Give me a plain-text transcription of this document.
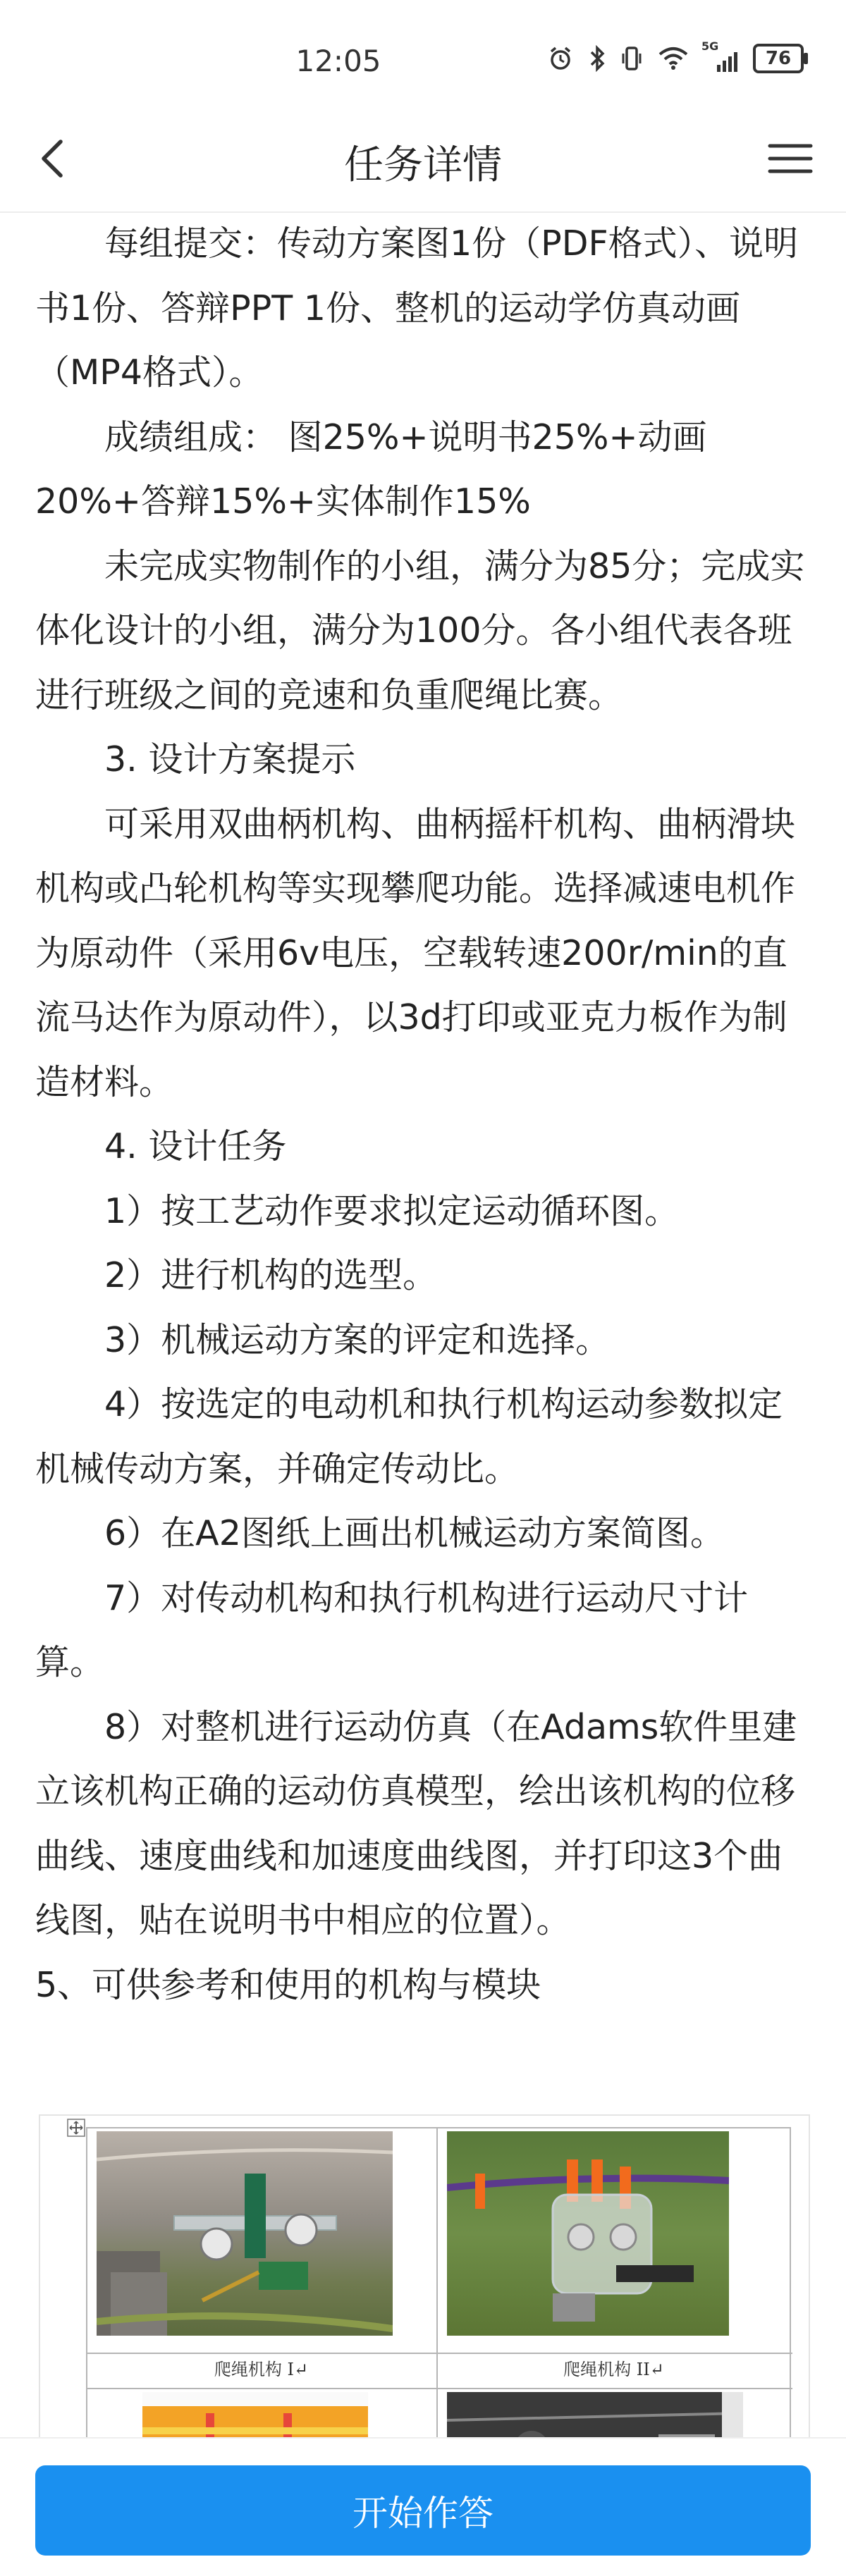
12:05	5G
76
任务详情

每组提交：传动方案图1份（PDF格式）、说明书1份、答辩PPT 1份、整机的运动学仿真动画（MP4格式）。

成绩组成： 图25%+说明书25%+动画20%+答辩15%+实体制作15%

未完成实物制作的小组，满分为85分；完成实体化设计的小组，满分为100分。各小组代表各班进行班级之间的竞速和负重爬绳比赛。

3. 设计方案提示

可采用双曲柄机构、曲柄摇杆机构、曲柄滑块机构或凸轮机构等实现攀爬功能。选择减速电机作为原动件（采用6v电压，空载转速200r/min的直流马达作为原动件），以3d打印或亚克力板作为制造材料。

4. 设计任务

1）按工艺动作要求拟定运动循环图。

2）进行机构的选型。

3）机械运动方案的评定和选择。

4）按选定的电动机和执行机构运动参数拟定机械传动方案，并确定传动比。

6）在A2图纸上画出机械运动方案简图。

7）对传动机构和执行机构进行运动尺寸计算。

8）对整机进行运动仿真（在Adams软件里建立该机构正确的运动仿真模型，绘出该机构的位移曲线、速度曲线和加速度曲线图，并打印这3个曲线图，贴在说明书中相应的位置）。

5、可供参考和使用的机构与模块

爬绳机构 I↵	爬绳机构 II↵
开始作答
